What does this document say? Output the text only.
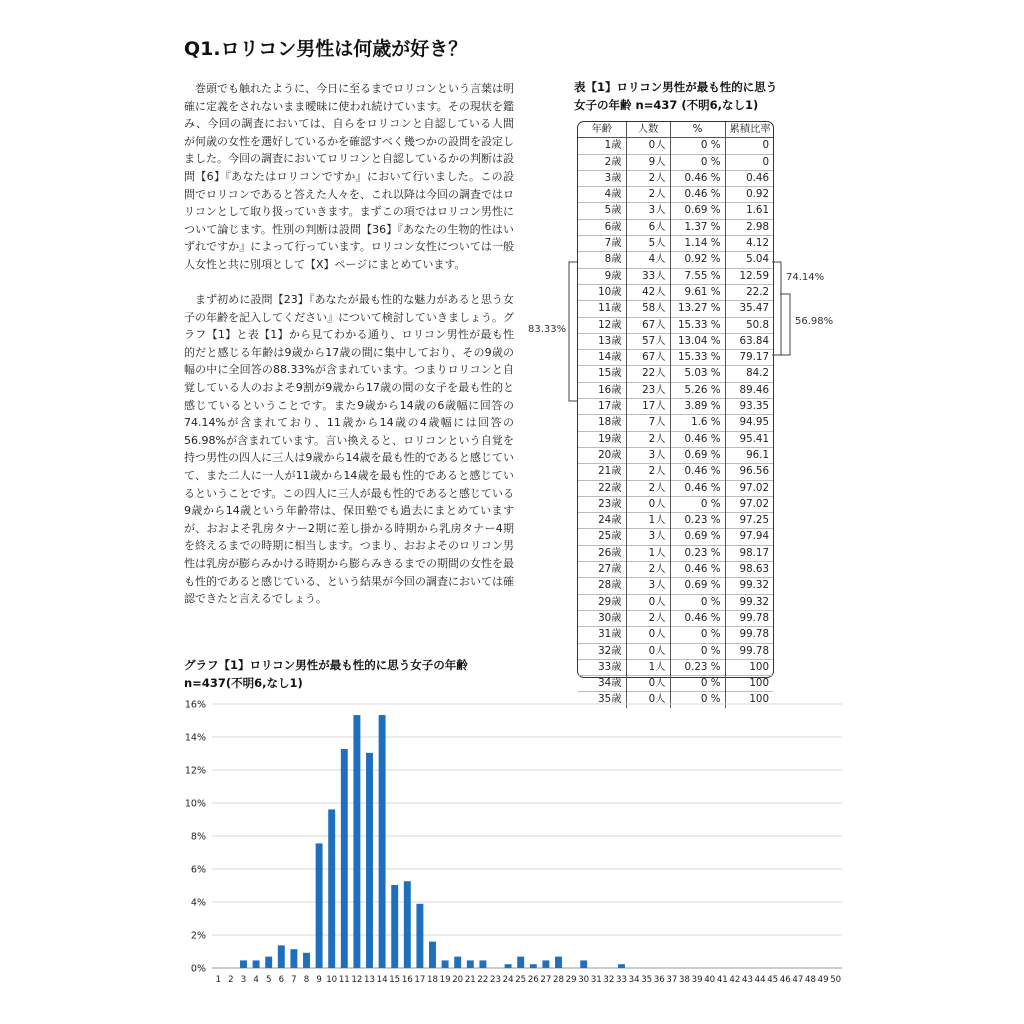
Q1.ロリコン男性は何歳が好き？

巻頭でも触れたように、今日に至るまでロリコンという言葉は明確に定義をされないまま曖昧に使われ続けています。その現状を鑑み、今回の調査においては、自らをロリコンと自認している人間が何歳の女性を選好しているかを確認すべく幾つかの設問を設定しました。今回の調査においてロリコンと自認しているかの判断は設問【6】『あなたはロリコンですか』において行いました。この設問でロリコンであると答えた人々を、これ以降は今回の調査ではロリコンとして取り扱っていきます。まずこの項ではロリコン男性について論じます。性別の判断は設問【36】『あなたの生物的性はいずれですか』によって行っています。ロリコン女性については一般人女性と共に別項として【X】ページにまとめています。

まず初めに設問【23】『あなたが最も性的な魅力があると思う女子の年齢を記入してください』について検討していきましょう。グラフ【1】と表【1】から見てわかる通り、ロリコン男性が最も性的だと感じる年齢は9歳から17歳の間に集中しており、その9歳の幅の中に全回答の88.33%が含まれています。つまりロリコンと自覚している人のおよそ9割が9歳から17歳の間の女子を最も性的と感じているということです。また9歳から14歳の6歳幅に回答の74.14%が含まれており、11歳から14歳の4歳幅には回答の56.98%が含まれています。言い換えると、ロリコンという自覚を持つ男性の四人に三人は9歳から14歳を最も性的であると感じていて、また二人に一人が11歳から14歳を最も性的であると感じているということです。この四人に三人が最も性的であると感じている9歳から14歳という年齢帯は、保田塾でも過去にまとめていますが、おおよそ乳房タナー2期に差し掛かる時期から乳房タナー4期を終えるまでの時期に相当します。つまり、おおよそのロリコン男性は乳房が膨らみかける時期から膨らみきるまでの期間の女性を最も性的であると感じている、という結果が今回の調査においては確認できたと言えるでしょう。

表【1】ロリコン男性が最も性的に思う
女子の年齢 n=437 (不明6,なし1)
年齢	人数	%	累積比率
1歳	0人	0 %	0
2歳	9人	0 %	0
3歳	2人	0.46 %	0.46
4歳	2人	0.46 %	0.92
5歳	3人	0.69 %	1.61
6歳	6人	1.37 %	2.98
7歳	5人	1.14 %	4.12
8歳	4人	0.92 %	5.04
9歳	33人	7.55 %	12.59
10歳	42人	9.61 %	22.2
11歳	58人	13.27 %	35.47
12歳	67人	15.33 %	50.8
13歳	57人	13.04 %	63.84
14歳	67人	15.33 %	79.17
15歳	22人	5.03 %	84.2
16歳	23人	5.26 %	89.46
17歳	17人	3.89 %	93.35
18歳	7人	1.6 %	94.95
19歳	2人	0.46 %	95.41
20歳	3人	0.69 %	96.1
21歳	2人	0.46 %	96.56
22歳	2人	0.46 %	97.02
23歳	0人	0 %	97.02
24歳	1人	0.23 %	97.25
25歳	3人	0.69 %	97.94
26歳	1人	0.23 %	98.17
27歳	2人	0.46 %	98.63
28歳	3人	0.69 %	99.32
29歳	0人	0 %	99.32
30歳	2人	0.46 %	99.78
31歳	0人	0 %	99.78
32歳	0人	0 %	99.78
33歳	1人	0.23 %	100
34歳	0人	0 %	100
35歳	0人	0 %	100
83.33%
74.14%
56.98%
グラフ【1】ロリコン男性が最も性的に思う女子の年齢
n=437(不明6,なし1)
0%
2%
4%
6%
8%
10%
12%
14%
16%
1 2 3 4 5 6 7 8 9 10 11 12 13 14 15 16 17 18 19 20 21 22 23 24 25 26 27 28 29 30 31 32 33 34 35 36 37 38 39 40 41 42 43 44 45 46 47 48 49 50
